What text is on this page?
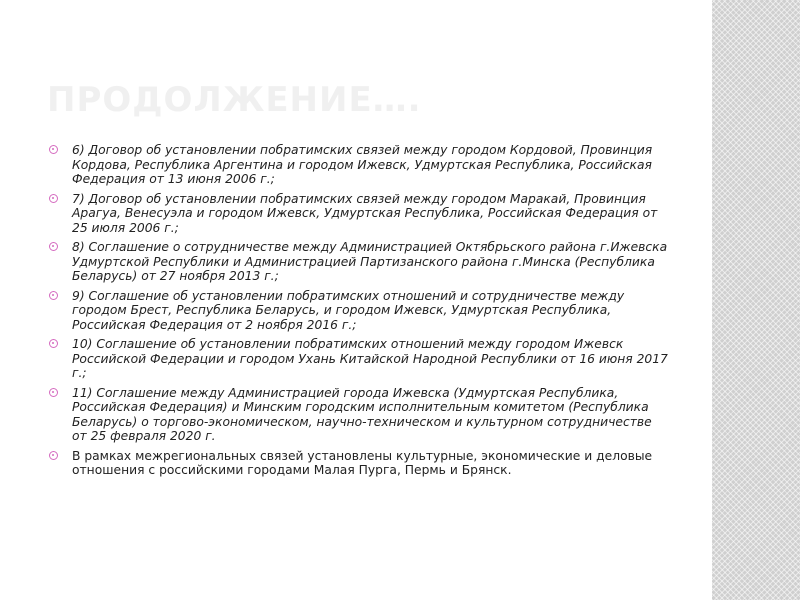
ПРОДОЛЖЕНИЕ….
6) Договор об установлении побратимских связей между городом Кордовой, Провинция Кордова, Республика Аргентина и городом Ижевск, Удмуртская Республика, Российская Федерация от 13 июня 2006 г.;
7) Договор об установлении побратимских связей между городом Маракай, Провинция Арагуа, Венесуэла и городом Ижевск, Удмуртская Республика, Российская Федерация от 25 июля 2006 г.;
8) Соглашение о сотрудничестве между Администрацией Октябрьского района г.Ижевска Удмуртской Республики и Администрацией Партизанского района г.Минска (Республика Беларусь) от 27 ноября 2013 г.;
9) Соглашение об установлении побратимских отношений и сотрудничестве между городом Брест, Республика Беларусь, и городом Ижевск, Удмуртская Республика, Российская Федерация от 2 ноября 2016 г.;
10) Соглашение об установлении побратимских отношений между городом Ижевск Российской Федерации и городом Ухань Китайской Народной Республики от 16 июня 2017 г.;
11) Соглашение между Администрацией города Ижевска (Удмуртская Республика, Российская Федерация) и Минским городским исполнительным комитетом (Республика Беларусь) о торгово-экономическом, научно-техническом и культурном сотрудничестве от 25 февраля 2020 г.
В рамках межрегиональных связей установлены культурные, экономические и деловые отношения с российскими городами Малая Пурга, Пермь и Брянск.
